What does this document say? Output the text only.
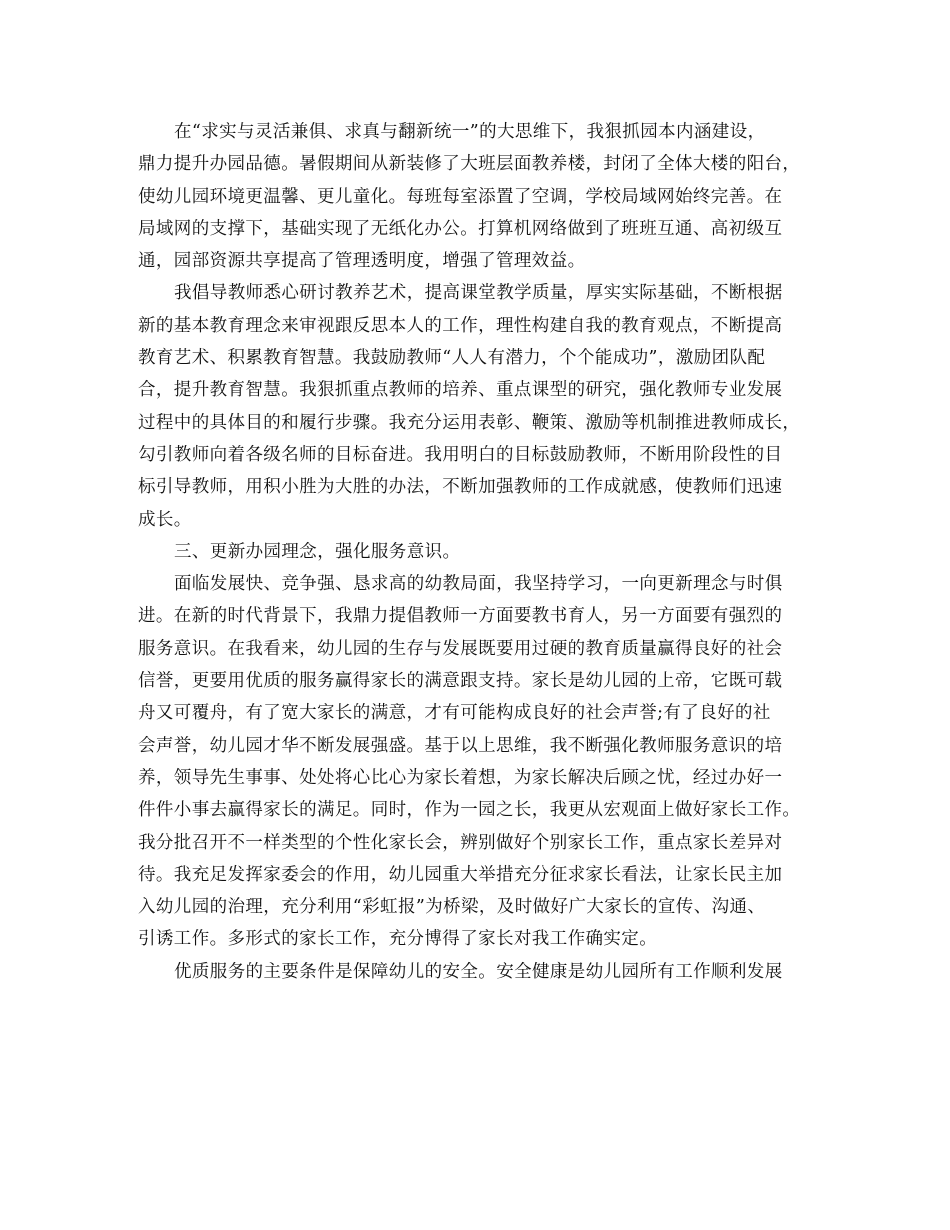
在“求实与灵活兼俱、求真与翻新统一”的大思维下，我狠抓园本内涵建设，
鼎力提升办园品德。暑假期间从新装修了大班层面教养楼，封闭了全体大楼的阳台，
使幼儿园环境更温馨、更儿童化。每班每室添置了空调，学校局域网始终完善。在
局域网的支撑下，基础实现了无纸化办公。打算机网络做到了班班互通、高初级互
通，园部资源共享提高了管理透明度，增强了管理效益。
我倡导教师悉心研讨教养艺术，提高课堂教学质量，厚实实际基础，不断根据
新的基本教育理念来审视跟反思本人的工作，理性构建自我的教育观点，不断提高
教育艺术、积累教育智慧。我鼓励教师“人人有潜力，个个能成功”，激励团队配
合，提升教育智慧。我狠抓重点教师的培养、重点课型的研究，强化教师专业发展
过程中的具体目的和履行步骤。我充分运用表彰、鞭策、激励等机制推进教师成长，
勾引教师向着各级名师的目标奋进。我用明白的目标鼓励教师，不断用阶段性的目
标引导教师，用积小胜为大胜的办法，不断加强教师的工作成就感，使教师们迅速
成长。
三、更新办园理念，强化服务意识。
面临发展快、竞争强、恳求高的幼教局面，我坚持学习，一向更新理念与时俱
进。在新的时代背景下，我鼎力提倡教师一方面要教书育人，另一方面要有强烈的
服务意识。在我看来，幼儿园的生存与发展既要用过硬的教育质量赢得良好的社会
信誉，更要用优质的服务赢得家长的满意跟支持。家长是幼儿园的上帝，它既可载
舟又可覆舟，有了宽大家长的满意，才有可能构成良好的社会声誉;有了良好的社
会声誉，幼儿园才华不断发展强盛。基于以上思维，我不断强化教师服务意识的培
养，领导先生事事、处处将心比心为家长着想，为家长解决后顾之忧，经过办好一
件件小事去赢得家长的满足。同时，作为一园之长，我更从宏观面上做好家长工作。
我分批召开不一样类型的个性化家长会，辨别做好个别家长工作，重点家长差异对
待。我充足发挥家委会的作用，幼儿园重大举措充分征求家长看法，让家长民主加
入幼儿园的治理，充分利用“彩虹报”为桥梁，及时做好广大家长的宣传、沟通、
引诱工作。多形式的家长工作，充分博得了家长对我工作确实定。
优质服务的主要条件是保障幼儿的安全。安全健康是幼儿园所有工作顺利发展
